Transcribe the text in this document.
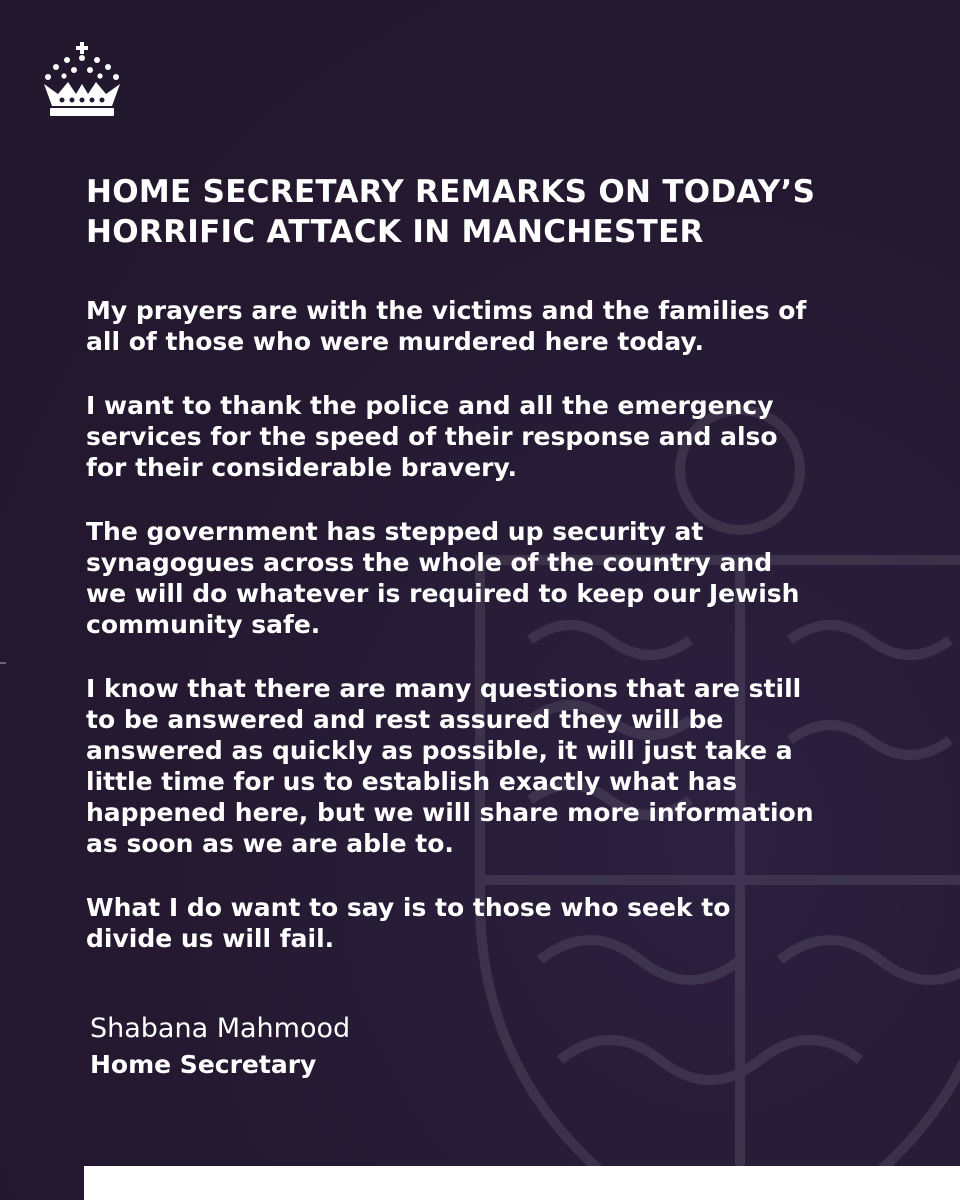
HOME SECRETARY REMARKS ON TODAY’S
HORRIFIC ATTACK IN MANCHESTER

My prayers are with the victims and the families of
all of those who were murdered here today.

I want to thank the police and all the emergency
services for the speed of their response and also
for their considerable bravery.

The government has stepped up security at
synagogues across the whole of the country and
we will do whatever is required to keep our Jewish
community safe.

I know that there are many questions that are still
to be answered and rest assured they will be
answered as quickly as possible, it will just take a
little time for us to establish exactly what has
happened here, but we will share more information
as soon as we are able to.

What I do want to say is to those who seek to
divide us will fail.

Shabana Mahmood
Home Secretary
